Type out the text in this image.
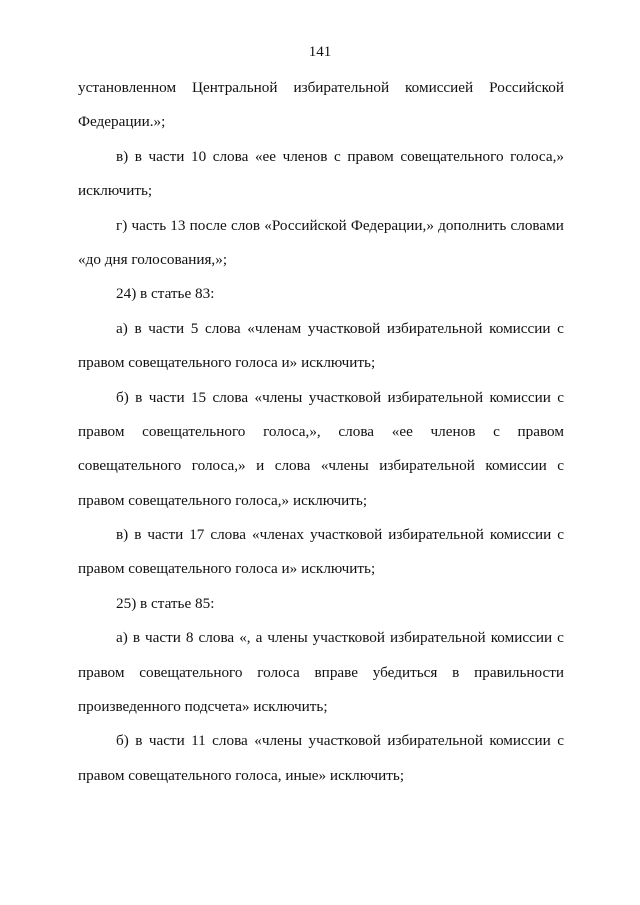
141
установленном Центральной избирательной комиссией Российской
Федерации.»;
в) в части 10 слова «ее членов с правом совещательного голоса,»
исключить;
г) часть 13 после слов «Российской Федерации,» дополнить словами
«до дня голосования,»;
24) в статье 83:
а) в части 5 слова «членам участковой избирательной комиссии с
правом совещательного голоса и» исключить;
б) в части 15 слова «члены участковой избирательной комиссии с
правом совещательного голоса,», слова «ее членов с правом
совещательного голоса,» и слова «члены избирательной комиссии с
правом совещательного голоса,» исключить;
в) в части 17 слова «членах участковой избирательной комиссии с
правом совещательного голоса и» исключить;
25) в статье 85:
а) в части 8 слова «, а члены участковой избирательной комиссии с
правом совещательного голоса вправе убедиться в правильности
произведенного подсчета» исключить;
б) в части 11 слова «члены участковой избирательной комиссии с
правом совещательного голоса, иные» исключить;
